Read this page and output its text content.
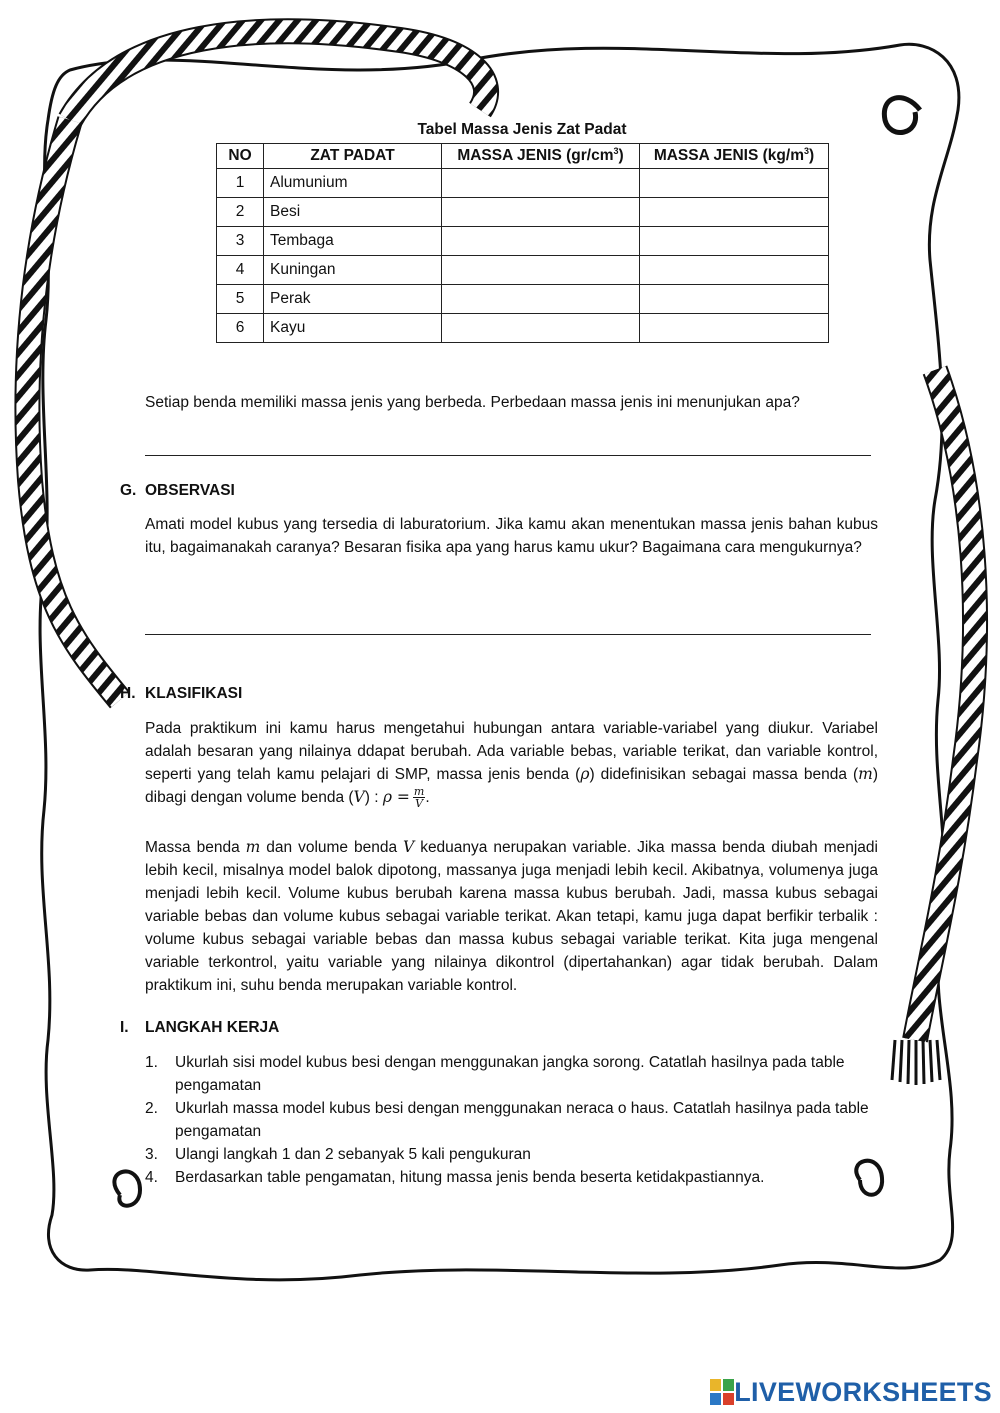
Tabel Massa Jenis Zat Padat
NO	ZAT PADAT	MASSA JENIS $(gr/cm^3)$	MASSA JENIS $(kg/m^3)$
1	Alumunium		
2	Besi		
3	Tembaga		
4	Kuningan		
5	Perak		
6	Kayu		
Setiap benda memiliki massa jenis yang berbeda. Perbedaan massa jenis ini menunjukan apa?
G. OBSERVASI
Amati model kubus yang tersedia di laburatorium. Jika kamu akan menentukan massa jenis bahan kubus itu, bagaimanakah caranya? Besaran fisika apa yang harus kamu ukur? Bagaimana cara mengukurnya?
H. KLASIFIKASI
Pada praktikum ini kamu harus mengetahui hubungan antara variable-variabel yang diukur. Variabel adalah besaran yang nilainya ddapat berubah. Ada variable bebas, variable terikat, dan variable kontrol, seperti yang telah kamu pelajari di SMP, massa jenis benda (ρ) didefinisikan sebagai massa benda (m) dibagi dengan volume benda (V) : $\rho = \frac{m}{V}$ .
Massa benda m dan volume benda V keduanya nerupakan variable. Jika massa benda diubah menjadi lebih kecil, misalnya model balok dipotong, massanya juga menjadi lebih kecil. Akibatnya, volumenya juga menjadi lebih kecil. Volume kubus berubah karena massa kubus berubah. Jadi, massa kubus sebagai variable bebas dan volume kubus sebagai variable terikat. Akan tetapi, kamu juga dapat berfikir terbalik : volume kubus sebagai variable bebas dan massa kubus sebagai variable terikat. Kita juga mengenal variable terkontrol, yaitu variable yang nilainya dikontrol (dipertahankan) agar tidak berubah. Dalam praktikum ini, suhu benda merupakan variable kontrol.
I. LANGKAH KERJA
1.	Ukurlah sisi model kubus besi dengan menggunakan jangka sorong. Catatlah hasilnya pada table pengamatan
2.	Ukurlah massa model kubus besi dengan menggunakan neraca o haus. Catatlah hasilnya pada table pengamatan
3.	Ulangi langkah 1 dan 2 sebanyak 5 kali pengukuran
4.	Berdasarkan table pengamatan, hitung massa jenis benda beserta ketidakpastiannya.
LIVEWORKSHEETS
